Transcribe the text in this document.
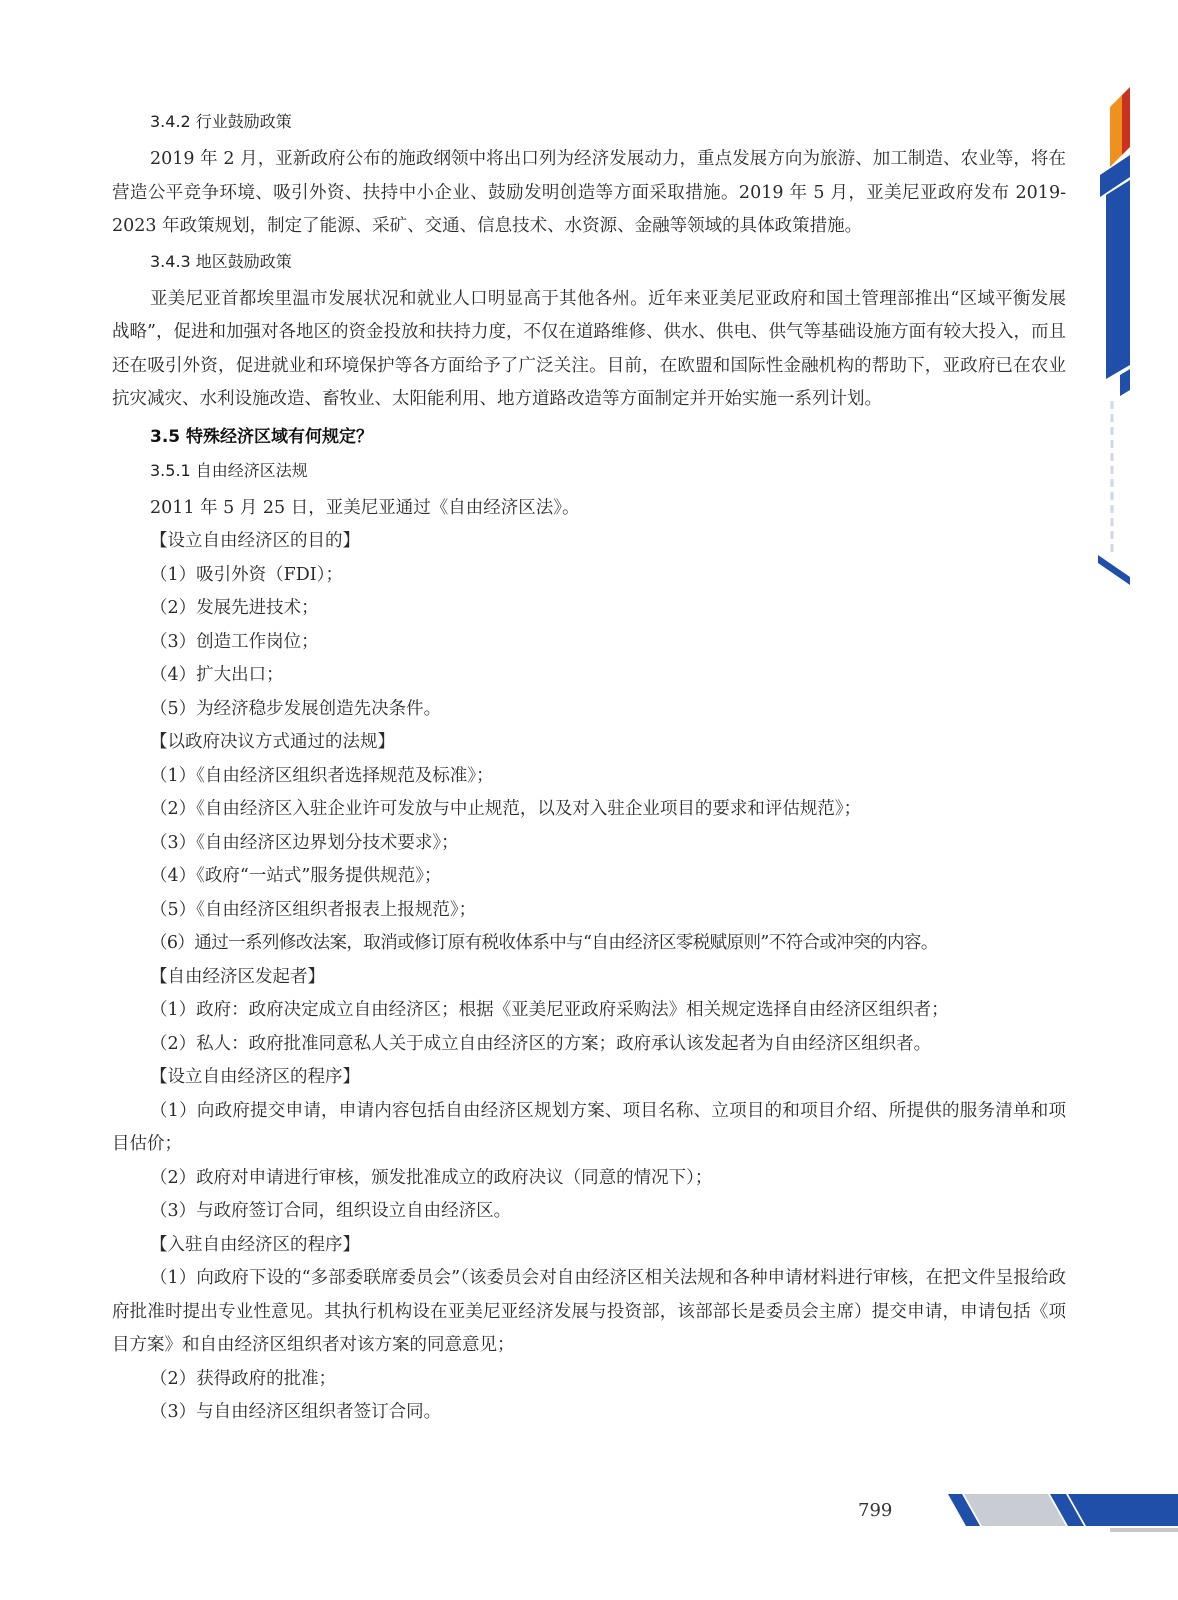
3.4.2 行业鼓励政策

2019 年 2 月，亚新政府公布的施政纲领中将出口列为经济发展动力，重点发展方向为旅游、加工制造、农业等，将在营造公平竞争环境、吸引外资、扶持中小企业、鼓励发明创造等方面采取措施。2019 年 5 月，亚美尼亚政府发布 2019-2023 年政策规划，制定了能源、采矿、交通、信息技术、水资源、金融等领域的具体政策措施。

3.4.3 地区鼓励政策

亚美尼亚首都埃里温市发展状况和就业人口明显高于其他各州。近年来亚美尼亚政府和国土管理部推出“区域平衡发展战略”，促进和加强对各地区的资金投放和扶持力度，不仅在道路维修、供水、供电、供气等基础设施方面有较大投入，而且还在吸引外资，促进就业和环境保护等各方面给予了广泛关注。目前，在欧盟和国际性金融机构的帮助下，亚政府已在农业抗灾减灾、水利设施改造、畜牧业、太阳能利用、地方道路改造等方面制定并开始实施一系列计划。

3.5 特殊经济区域有何规定？

3.5.1 自由经济区法规

2011 年 5 月 25 日，亚美尼亚通过《自由经济区法》。

【设立自由经济区的目的】

（1）吸引外资（FDI）；

（2）发展先进技术；

（3）创造工作岗位；

（4）扩大出口；

（5）为经济稳步发展创造先决条件。

【以政府决议方式通过的法规】

（1）《自由经济区组织者选择规范及标准》；

（2）《自由经济区入驻企业许可发放与中止规范，以及对入驻企业项目的要求和评估规范》；

（3）《自由经济区边界划分技术要求》；

（4）《政府“一站式”服务提供规范》；

（5）《自由经济区组织者报表上报规范》；

（6）通过一系列修改法案，取消或修订原有税收体系中与“自由经济区零税赋原则”不符合或冲突的内容。

【自由经济区发起者】

（1）政府：政府决定成立自由经济区；根据《亚美尼亚政府采购法》相关规定选择自由经济区组织者；

（2）私人：政府批准同意私人关于成立自由经济区的方案；政府承认该发起者为自由经济区组织者。

【设立自由经济区的程序】

（1）向政府提交申请，申请内容包括自由经济区规划方案、项目名称、立项目的和项目介绍、所提供的服务清单和项目估价；

（2）政府对申请进行审核，颁发批准成立的政府决议（同意的情况下）；

（3）与政府签订合同，组织设立自由经济区。

【入驻自由经济区的程序】

（1）向政府下设的“多部委联席委员会”（该委员会对自由经济区相关法规和各种申请材料进行审核，在把文件呈报给政府批准时提出专业性意见。其执行机构设在亚美尼亚经济发展与投资部，该部部长是委员会主席）提交申请，申请包括《项目方案》和自由经济区组织者对该方案的同意意见；

（2）获得政府的批准；

（3）与自由经济区组织者签订合同。

799
